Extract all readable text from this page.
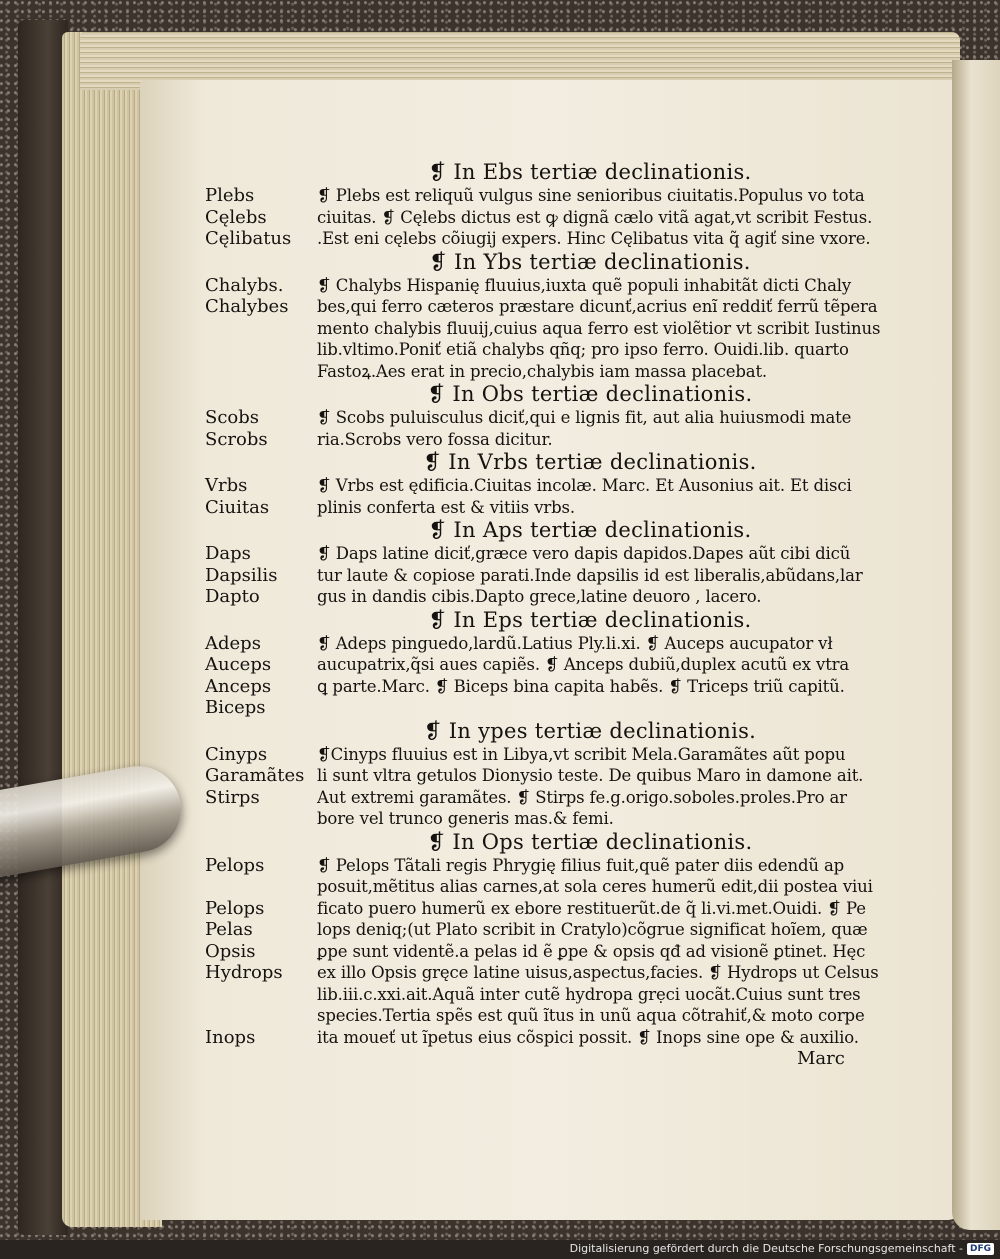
❡ In Ebs tertiæ declinationis.
Plebs
Cęlebs
Cęlibatus
❡ Plebs est reliquũ vulgus sine senioribus ciuitatis.Populus vo tota
ciuitas. ❡ Cęlebs dictus est ꝙ dignã cælo vitã agat,vt scribit Festus.
.Est eni cęlebs cõiugij expers. Hinc Cęlibatus vita q̃ agiť sine vxore.
❡ In Ybs tertiæ declinationis.
Chalybs.
Chalybes
❡ Chalybs Hispanię fluuius,iuxta quẽ populi inhabitãt dicti Chaly
bes,qui ferro cæteros præstare dicunť,acrius enĩ reddiť ferrũ tẽpera
mento chalybis fluuij,cuius aqua ferro est violẽtior vt scribit Iustinus
lib.vltimo.Poniť etiã chalybs qñq; pro ipso ferro. Ouidi.lib. quarto
Fastoꝝ.Aes erat in precio,chalybis iam massa placebat.
❡ In Obs tertiæ declinationis.
Scobs
Scrobs
❡ Scobs puluisculus diciť,qui e lignis fit, aut alia huiusmodi mate
ria.Scrobs vero fossa dicitur.
❡ In Vrbs tertiæ declinationis.
Vrbs
Ciuitas
❡ Vrbs est ędificia.Ciuitas incolæ. Marc. Et Ausonius ait. Et disci
plinis conferta est & vitiis vrbs.
❡ In Aps tertiæ declinationis.
Daps
Dapsilis
Dapto
❡ Daps latine diciť,græce vero dapis dapidos.Dapes aũt cibi dicũ
tur laute & copiose parati.Inde dapsilis id est liberalis,abũdans,lar
gus in dandis cibis.Dapto grece,latine deuoro , lacero.
❡ In Eps tertiæ declinationis.
Adeps
Auceps
Anceps
Biceps
❡ Adeps pinguedo,lardũ.Latius Ply.li.xi. ❡ Auceps aucupator vł
aucupatrix,q̃si aues capiẽs. ❡ Anceps dubiũ,duplex acutũ ex vtra
ꝗ parte.Marc. ❡ Biceps bina capita habẽs. ❡ Triceps triũ capitũ.
❡ In ypes tertiæ declinationis.
Cinyps
Garamãtes
Stirps
❡Cinyps fluuius est in Libya,vt scribit Mela.Garamãtes aũt popu
li sunt vltra getulos Dionysio teste. De quibus Maro in damone ait.
Aut extremi garamãtes. ❡ Stirps fe.g.origo.soboles.proles.Pro ar
bore vel trunco generis mas.& femi.
❡ In Ops tertiæ declinationis.
Pelops
Pelops
Pelas
Opsis
Hydrops
Inops
❡ Pelops Tãtali regis Phrygię filius fuit,quẽ pater diis edendũ ap
posuit,mẽtitus alias carnes,at sola ceres humerũ edit,dii postea viui
ficato puero humerũ ex ebore restituerũt.de q̃ li.vi.met.Ouidi. ❡ Pe
lops deniq;(ut Plato scribit in Cratylo)cõgrue significat hoĩem, quæ
ꝑpe sunt videntẽ.a pelas id ẽ ꝑpe & opsis qđ ad visionẽ ꝑtinet. Hęc
ex illo Opsis gręce latine uisus,aspectus,facies. ❡ Hydrops ut Celsus
lib.iii.c.xxi.ait.Aquã inter cutẽ hydropa grẹci uocãt.Cuius sunt tres
species.Tertia spẽs est quũ ĩtus in unũ aqua cõtrahiť,& moto corpe
ita moueť ut ĩpetus eius cõspici possit. ❡ Inops sine ope & auxilio.
Marc
Digitalisierung gefördert durch die Deutsche Forschungsgemeinschaft - DFG
